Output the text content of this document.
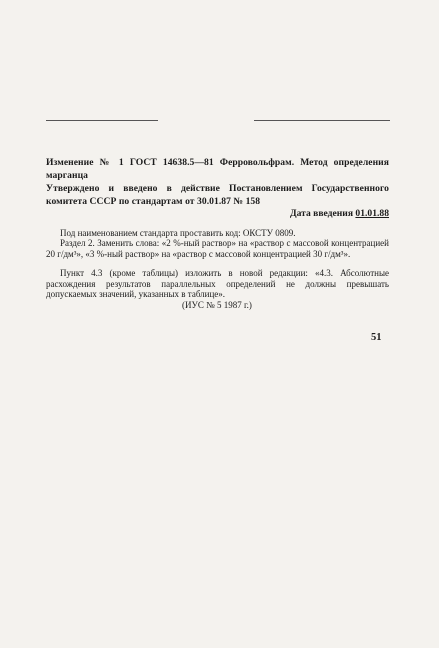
Изменение № 1 ГОСТ 14638.5—81 Ферровольфрам. Метод определения марганца
Утверждено и введено в действие Постановлением Государственного комитета СССР по стандартам от 30.01.87 № 158
Дата введения 01.01.88
Под наименованием стандарта проставить код: ОКСТУ 0809.
Раздел 2. Заменить слова: «2 %-ный раствор» на «раствор с массовой концентрацией 20 г/дм³», «3 %-ный раствор» на «раствор с массовой концентрацией 30 г/дм³».
Пункт 4.3 (кроме таблицы) изложить в новой редакции: «4.3. Абсолютные расхождения результатов параллельных определений не должны превышать допускаемых значений, указанных в таблице».
(ИУС № 5 1987 г.)
51
